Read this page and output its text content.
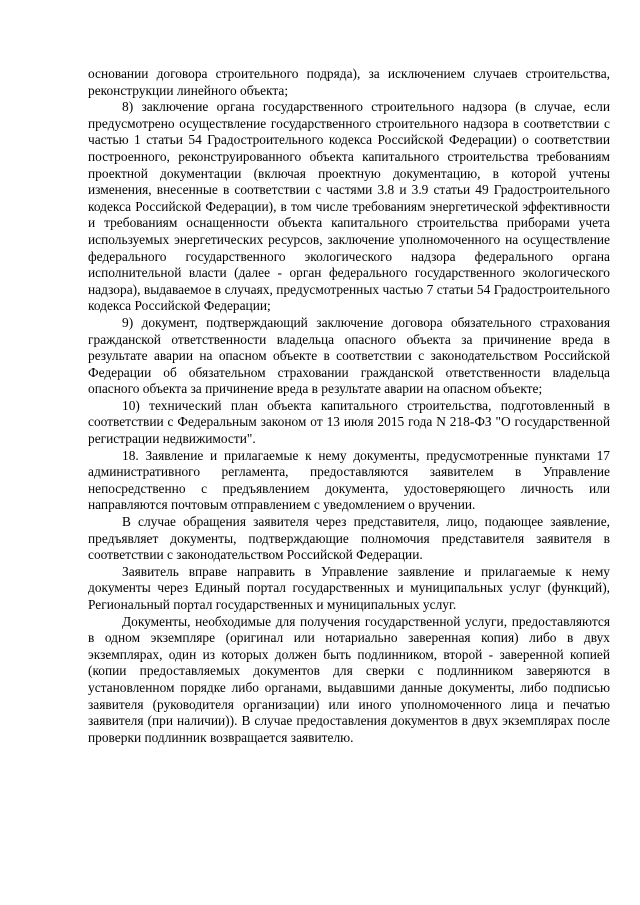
основании договора строительного подряда), за исключением случаев строительства, реконструкции линейного объекта;

8) заключение органа государственного строительного надзора (в случае, если предусмотрено осуществление государственного строительного надзора в соответствии с частью 1 статьи 54 Градостроительного кодекса Российской Федерации) о соответствии построенного, реконструированного объекта капитального строительства требованиям проектной документации (включая проектную документацию, в которой учтены изменения, внесенные в соответствии с частями 3.8 и 3.9 статьи 49 Градостроительного кодекса Российской Федерации), в том числе требованиям энергетической эффективности и требованиям оснащенности объекта капитального строительства приборами учета используемых энергетических ресурсов, заключение уполномоченного на осуществление федерального государственного экологического надзора федерального органа исполнительной власти (далее - орган федерального государственного экологического надзора), выдаваемое в случаях, предусмотренных частью 7 статьи 54 Градостроительного кодекса Российской Федерации;

9) документ, подтверждающий заключение договора обязательного страхования гражданской ответственности владельца опасного объекта за причинение вреда в результате аварии на опасном объекте в соответствии с законодательством Российской Федерации об обязательном страховании гражданской ответственности владельца опасного объекта за причинение вреда в результате аварии на опасном объекте;

10) технический план объекта капитального строительства, подготовленный в соответствии с Федеральным законом от 13 июля 2015 года N 218-ФЗ "О государственной регистрации недвижимости".

18. Заявление и прилагаемые к нему документы, предусмотренные пунктами 17 административного регламента, предоставляются заявителем в Управление непосредственно с предъявлением документа, удостоверяющего личность или направляются почтовым отправлением с уведомлением о вручении.

В случае обращения заявителя через представителя, лицо, подающее заявление, предъявляет документы, подтверждающие полномочия представителя заявителя в соответствии с законодательством Российской Федерации.

Заявитель вправе направить в Управление заявление и прилагаемые к нему документы через Единый портал государственных и муниципальных услуг (функций), Региональный портал государственных и муниципальных услуг.

Документы, необходимые для получения государственной услуги, предоставляются в одном экземпляре (оригинал или нотариально заверенная копия) либо в двух экземплярах, один из которых должен быть подлинником, второй - заверенной копией (копии предоставляемых документов для сверки с подлинником заверяются в установленном порядке либо органами, выдавшими данные документы, либо подписью заявителя (руководителя организации) или иного уполномоченного лица и печатью заявителя (при наличии)). В случае предоставления документов в двух экземплярах после проверки подлинник возвращается заявителю.
